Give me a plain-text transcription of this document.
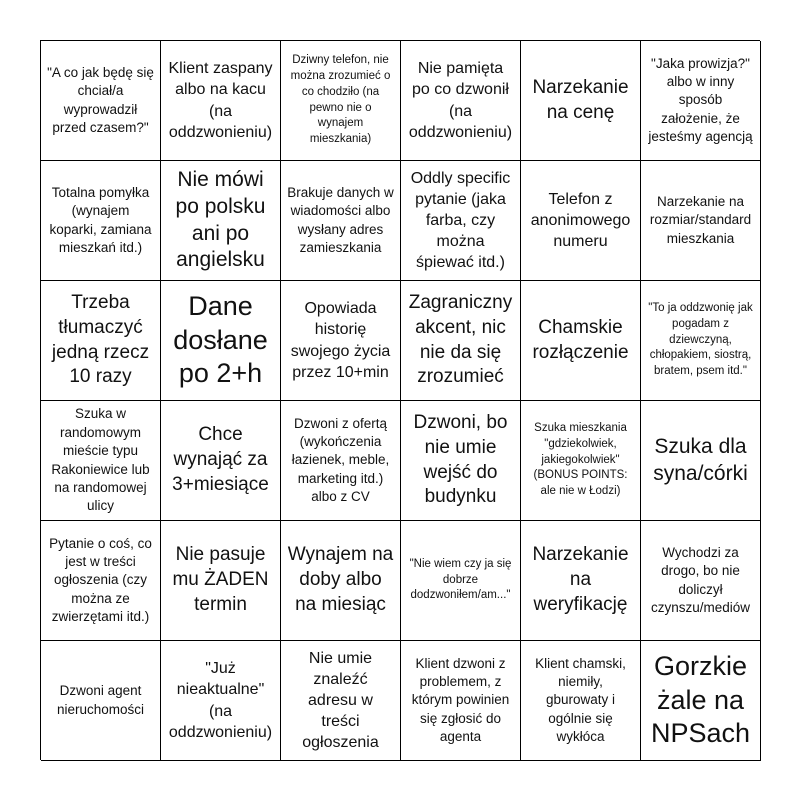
"A co jak będę się chciał/a wyprowadził przed czasem?"
Klient zaspany albo na kacu (na oddzwonieniu)
Dziwny telefon, nie można zrozumieć o co chodziło (na pewno nie o wynajem mieszkania)
Nie pamięta po co dzwonił (na oddzwonieniu)
Narzekanie na cenę
"Jaka prowizja?" albo w inny sposób założenie, że jesteśmy agencją
Totalna pomyłka (wynajem koparki, zamiana mieszkań itd.)
Nie mówi po polsku ani po angielsku
Brakuje danych w wiadomości albo wysłany adres zamieszkania
Oddly specific pytanie (jaka farba, czy można śpiewać itd.)
Telefon z anonimowego numeru
Narzekanie na rozmiar/standard mieszkania
Trzeba tłumaczyć jedną rzecz 10 razy
Dane dosłane po 2+h
Opowiada historię swojego życia przez 10+min
Zagraniczny akcent, nic nie da się zrozumieć
Chamskie rozłączenie
"To ja oddzwonię jak pogadam z dziewczyną, chłopakiem, siostrą, bratem, psem itd."
Szuka w randomowym mieście typu Rakoniewice lub na randomowej ulicy
Chce wynająć za 3+miesiące
Dzwoni z ofertą (wykończenia łazienek, meble, marketing itd.) albo z CV
Dzwoni, bo nie umie wejść do budynku
Szuka mieszkania "gdziekolwiek, jakiegokolwiek" (BONUS POINTS: ale nie w Łodzi)
Szuka dla syna/córki
Pytanie o coś, co jest w treści ogłoszenia (czy można ze zwierzętami itd.)
Nie pasuje mu ŻADEN termin
Wynajem na doby albo na miesiąc
"Nie wiem czy ja się dobrze dodzwoniłem/am..."
Narzekanie na weryfikację
Wychodzi za drogo, bo nie doliczył czynszu/mediów
Dzwoni agent nieruchomości
"Już nieaktualne" (na oddzwonieniu)
Nie umie znaleźć adresu w treści ogłoszenia
Klient dzwoni z problemem, z którym powinien się zgłosić do agenta
Klient chamski, niemiły, gburowaty i ogólnie się wykłóca
Gorzkie żale na NPSach
